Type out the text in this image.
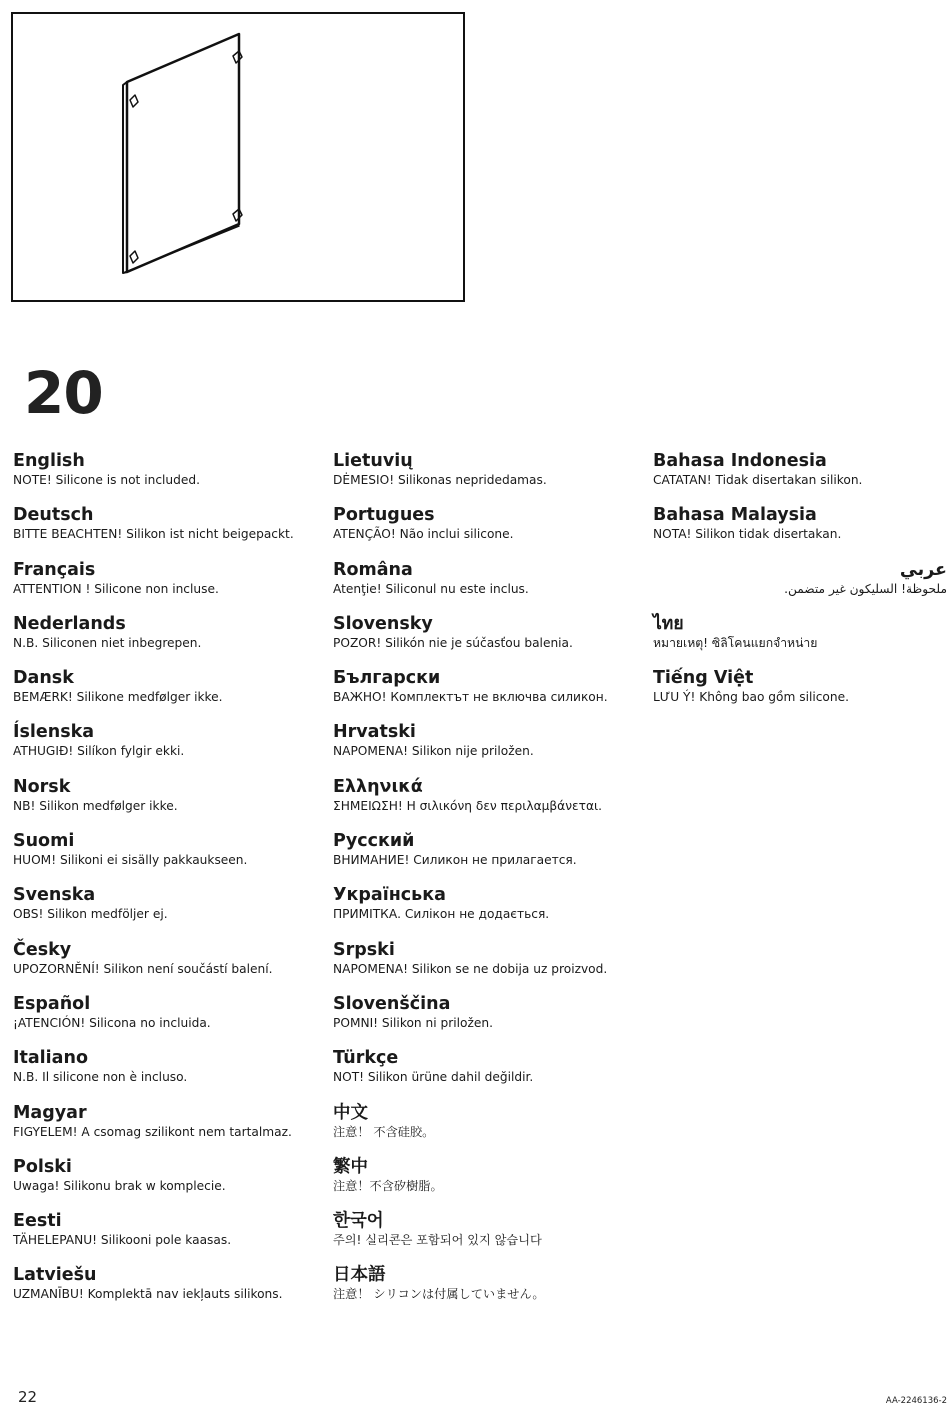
20
English
NOTE! Silicone is not included.
Deutsch
BITTE BEACHTEN! Silikon ist nicht beigepackt.
Français
ATTENTION ! Silicone non incluse.
Nederlands
N.B. Siliconen niet inbegrepen.
Dansk
BEMÆRK! Silikone medfølger ikke.
Íslenska
ATHUGIÐ! Silíkon fylgir ekki.
Norsk
NB! Silikon medfølger ikke.
Suomi
HUOM! Silikoni ei sisälly pakkaukseen.
Svenska
OBS! Silikon medföljer ej.
Česky
UPOZORNĚNÍ! Silikon není součástí balení.
Español
¡ATENCIÓN! Silicona no incluida.
Italiano
N.B. Il silicone non è incluso.
Magyar
FIGYELEM! A csomag szilikont nem tartalmaz.
Polski
Uwaga! Silikonu brak w komplecie.
Eesti
TÄHELEPANU! Silikooni pole kaasas.
Latviešu
UZMANĪBU! Komplektā nav iekļauts silikons.
Lietuvių
DĖMESIO! Silikonas nepridedamas.
Portugues
ATENÇÃO! Não inclui silicone.
Româna
Atenţie! Siliconul nu este inclus.
Slovensky
POZOR! Silikón nie je súčasťou balenia.
Български
ВАЖНО! Комплектът не включва силикон.
Hrvatski
NAPOMENA! Silikon nije priložen.
Ελληνικά
ΣΗΜΕΙΩΣΗ! Η σιλικόνη δεν περιλαμβάνεται.
Русский
ВНИМАНИЕ! Силикон не прилагается.
Українська
ПРИМІТКА. Силікон не додається.
Srpski
NAPOMENA! Silikon se ne dobija uz proizvod.
Slovenščina
POMNI! Silikon ni priložen.
Türkçe
NOT! Silikon ürüne dahil değildir.
中文
注意！ 不含硅胶。
繁中
注意！不含矽樹脂。
한국어
주의! 실리콘은 포함되어 있지 않습니다
日本語
注意！ シリコンは付属していません。
Bahasa Indonesia
CATATAN! Tidak disertakan silikon.
Bahasa Malaysia
NOTA! Silikon tidak disertakan.
عربي
ملحوظة! السليكون غير متضمن.
ไทย
หมายเหตุ! ซิลิโคนแยกจำหน่าย
Tiếng Việt
LƯU Ý! Không bao gồm silicone.
22	AA-2246136-2
